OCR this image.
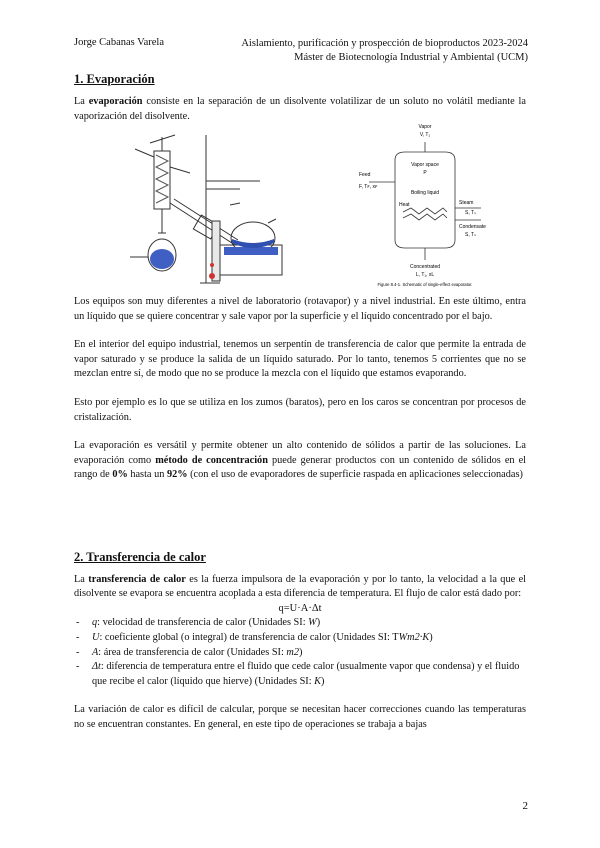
Jorge Cabanas Varela	Aislamiento, purificación y prospección de bioproductos 2023-2024
Máster de Biotecnología Industrial y Ambiental (UCM)
1. Evaporación

La evaporación consiste en la separación de un disolvente volatilizar de un soluto no volátil mediante la vaporización del disolvente.

Vapor
V, T₁
Vapor space
P
Feed
F, Tꜰ, xꜰ
Boiling liquid
Heat	Steam
S, Tₛ
Condensate
S, Tₛ
Concentrated
L, T₁, xL
Figure 8.4-1. Schematic of single-effect evaporator.

Los equipos son muy diferentes a nivel de laboratorio (rotavapor) y a nivel industrial. En este último, entra un líquido que se quiere concentrar y sale vapor por la superficie y el líquido concentrado por el bajo.

En el interior del equipo industrial, tenemos un serpentín de transferencia de calor que permite la entrada de vapor saturado y se produce la salida de un líquido saturado. Por lo tanto, tenemos 5 corrientes que no se mezclan entre sí, de modo que no se produce la mezcla con el líquido que estamos evaporando.

Esto por ejemplo es lo que se utiliza en los zumos (baratos), pero en los caros se concentran por procesos de cristalización.

La evaporación es versátil y permite obtener un alto contenido de sólidos a partir de las soluciones. La evaporación como método de concentración puede generar productos con un contenido de sólidos en el rango de 0% hasta un 92% (con el uso de evaporadores de superficie raspada en aplicaciones seleccionadas)

2. Transferencia de calor

La transferencia de calor es la fuerza impulsora de la evaporación y por lo tanto, la velocidad a la que el disolvente se evapora se encuentra acoplada a esta diferencia de temperatura. El flujo de calor está dado por:

q=U·A·Δt
- q: velocidad de transferencia de calor (Unidades SI: W)
- U: coeficiente global (o integral) de transferencia de calor (Unidades SI: TWm2·K)
- A: área de transferencia de calor (Unidades SI: m2)
- Δt: diferencia de temperatura entre el fluido que cede calor (usualmente vapor que condensa) y el fluido que recibe el calor (líquido que hierve) (Unidades SI: K)

La variación de calor es difícil de calcular, porque se necesitan hacer correcciones cuando las temperaturas no se encuentran constantes. En general, en este tipo de operaciones se trabaja a bajas

2
